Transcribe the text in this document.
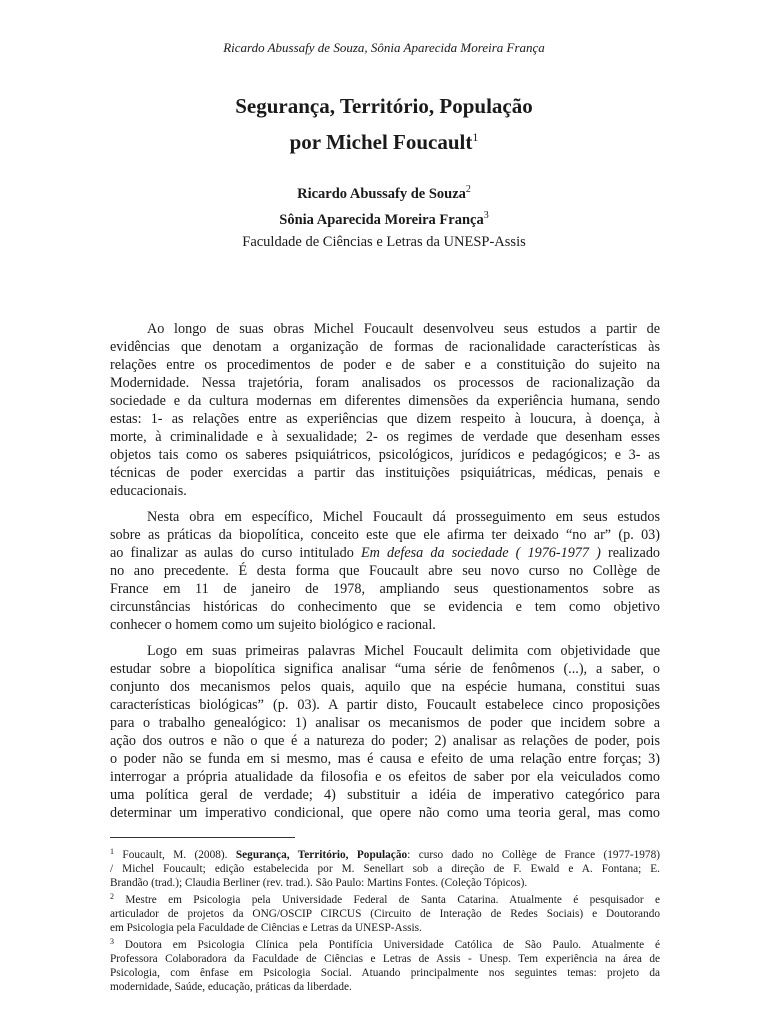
Ricardo Abussafy de Souza, Sônia Aparecida Moreira França
Segurança, Território, População
por Michel Foucault$^1$
Ricardo Abussafy de Souza$^2$
Sônia Aparecida Moreira França$^3$
Faculdade de Ciências e Letras da UNESP-Assis

Ao longo de suas obras Michel Foucault desenvolveu seus estudos a partir de
evidências que denotam a organização de formas de racionalidade características às
relações entre os procedimentos de poder e de saber e a constituição do sujeito na
Modernidade. Nessa trajetória, foram analisados os processos de racionalização da
sociedade e da cultura modernas em diferentes dimensões da experiência humana, sendo
estas: 1- as relações entre as experiências que dizem respeito à loucura, à doença, à
morte, à criminalidade e à sexualidade; 2- os regimes de verdade que desenham esses
objetos tais como os saberes psiquiátricos, psicológicos, jurídicos e pedagógicos; e 3- as
técnicas de poder exercidas a partir das instituições psiquiátricas, médicas, penais e
educacionais.

Nesta obra em específico, Michel Foucault dá prosseguimento em seus estudos
sobre as práticas da biopolítica, conceito este que ele afirma ter deixado “no ar” (p. 03)
ao finalizar as aulas do curso intitulado Em defesa da sociedade ( 1976-1977 ) realizado
no ano precedente. É desta forma que Foucault abre seu novo curso no Collège de
France em 11 de janeiro de 1978, ampliando seus questionamentos sobre as
circunstâncias históricas do conhecimento que se evidencia e tem como objetivo
conhecer o homem como um sujeito biológico e racional.

Logo em suas primeiras palavras Michel Foucault delimita com objetividade que
estudar sobre a biopolítica significa analisar “uma série de fenômenos (...), a saber, o
conjunto dos mecanismos pelos quais, aquilo que na espécie humana, constitui suas
características biológicas” (p. 03). A partir disto, Foucault estabelece cinco proposições
para o trabalho genealógico: 1) analisar os mecanismos de poder que incidem sobre a
ação dos outros e não o que é a natureza do poder; 2) analisar as relações de poder, pois
o poder não se funda em si mesmo, mas é causa e efeito de uma relação entre forças; 3)
interrogar a própria atualidade da filosofia e os efeitos de saber por ela veiculados como
uma política geral de verdade; 4) substituir a idéia de imperativo categórico para
determinar um imperativo condicional, que opere não como uma teoria geral, mas como

$^1$ Foucault, M. (2008). Segurança, Território, População: curso dado no Collège de France (1977-1978)
/ Michel Foucault; edição estabelecida por M. Senellart sob a direção de F. Ewald e A. Fontana; E.
Brandão (trad.); Claudia Berliner (rev. trad.). São Paulo: Martins Fontes. (Coleção Tópicos).

$^2$ Mestre em Psicologia pela Universidade Federal de Santa Catarina. Atualmente é pesquisador e
articulador de projetos da ONG/OSCIP CIRCUS (Circuito de Interação de Redes Sociais) e Doutorando
em Psicologia pela Faculdade de Ciências e Letras da UNESP-Assis.

$^3$ Doutora em Psicologia Clínica pela Pontifícia Universidade Católica de São Paulo. Atualmente é
Professora Colaboradora da Faculdade de Ciências e Letras de Assis - Unesp. Tem experiência na área de
Psicologia, com ênfase em Psicologia Social. Atuando principalmente nos seguintes temas: projeto da
modernidade, Saúde, educação, práticas da liberdade.
